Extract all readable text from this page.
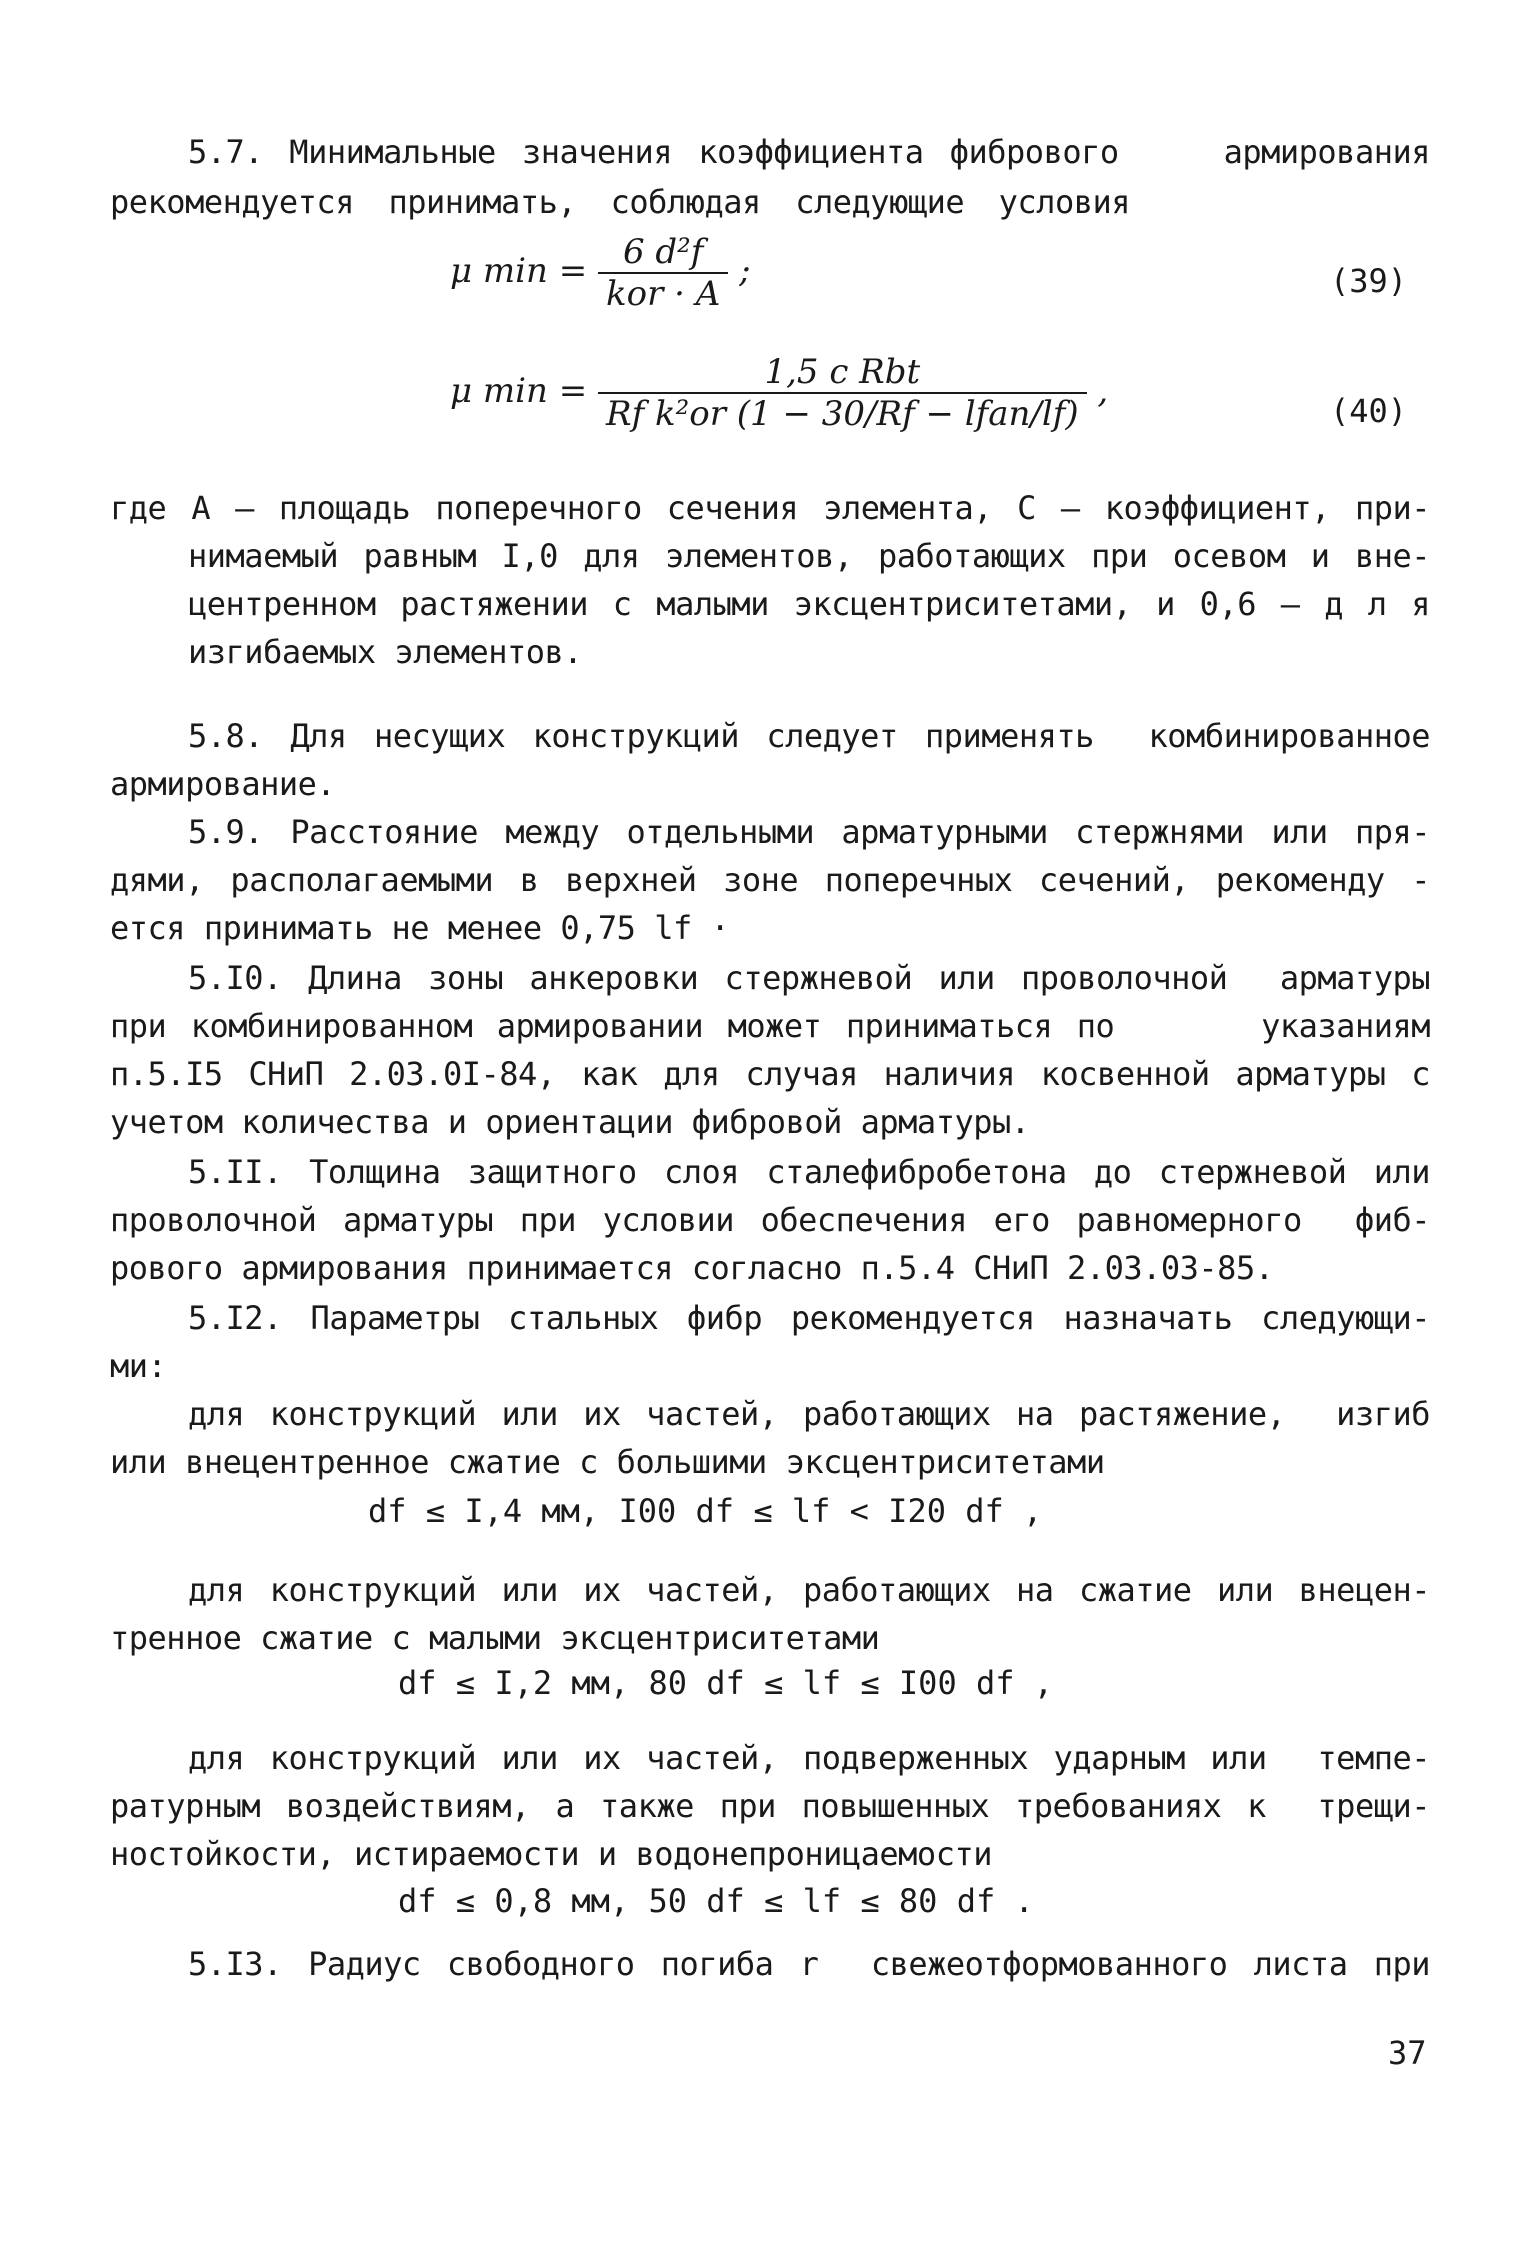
5.7. Минимальные значения коэффициента фибрового    армирования
рекомендуется принимать, соблюдая следующие условия
μ $\min = \frac{\text{6 d²f}}{\text{kor · A}}$ ;	(39)
μ $\min = \frac{\text{1,5 c Rbt}}{\text{Rf k²or (1 − 30/Rf − lfan/lf)}}$ ,	(40)
где А – площадь поперечного сечения элемента, С – коэффициент, при-
нимаемый равным I,0 для элементов, работающих при осевом и вне-
центренном растяжении с малыми эксцентриситетами, и 0,6 – д л я
изгибаемых элементов.
5.8. Для несущих конструкций следует применять  комбинированное
армирование.
5.9. Расстояние между отдельными арматурными стержнями или пря-
дями, располагаемыми в верхней зоне поперечных сечений, рекоменду -
ется принимать не менее 0,75 lf ·
5.I0. Длина зоны анкеровки стержневой или проволочной  арматуры
при комбинированном армировании может приниматься по      указаниям
п.5.I5 СНиП 2.03.0I-84, как для случая наличия косвенной арматуры с
учетом количества и ориентации фибровой арматуры.
5.II. Толщина защитного слоя сталефибробетона до стержневой или
проволочной арматуры при условии обеспечения его равномерного  фиб-
рового армирования принимается согласно п.5.4 СНиП 2.03.03-85.
5.I2. Параметры стальных фибр рекомендуется назначать следующи-
ми:
для конструкций или их частей, работающих на растяжение,  изгиб
или внецентренное сжатие с большими эксцентриситетами
df ≤ I,4 мм, I00 df ≤ lf < I20 df ,
для конструкций или их частей, работающих на сжатие или внецен-
тренное сжатие с малыми эксцентриситетами
df ≤ I,2 мм, 80 df ≤ lf ≤ I00 df ,
для конструкций или их частей, подверженных ударным или  темпе-
ратурным воздействиям, а также при повышенных требованиях к  трещи-
ностойкости, истираемости и водонепроницаемости
df ≤ 0,8 мм, 50 df ≤ lf ≤ 80 df .
5.I3. Радиус свободного погиба r  свежеотформованного листа при
37
